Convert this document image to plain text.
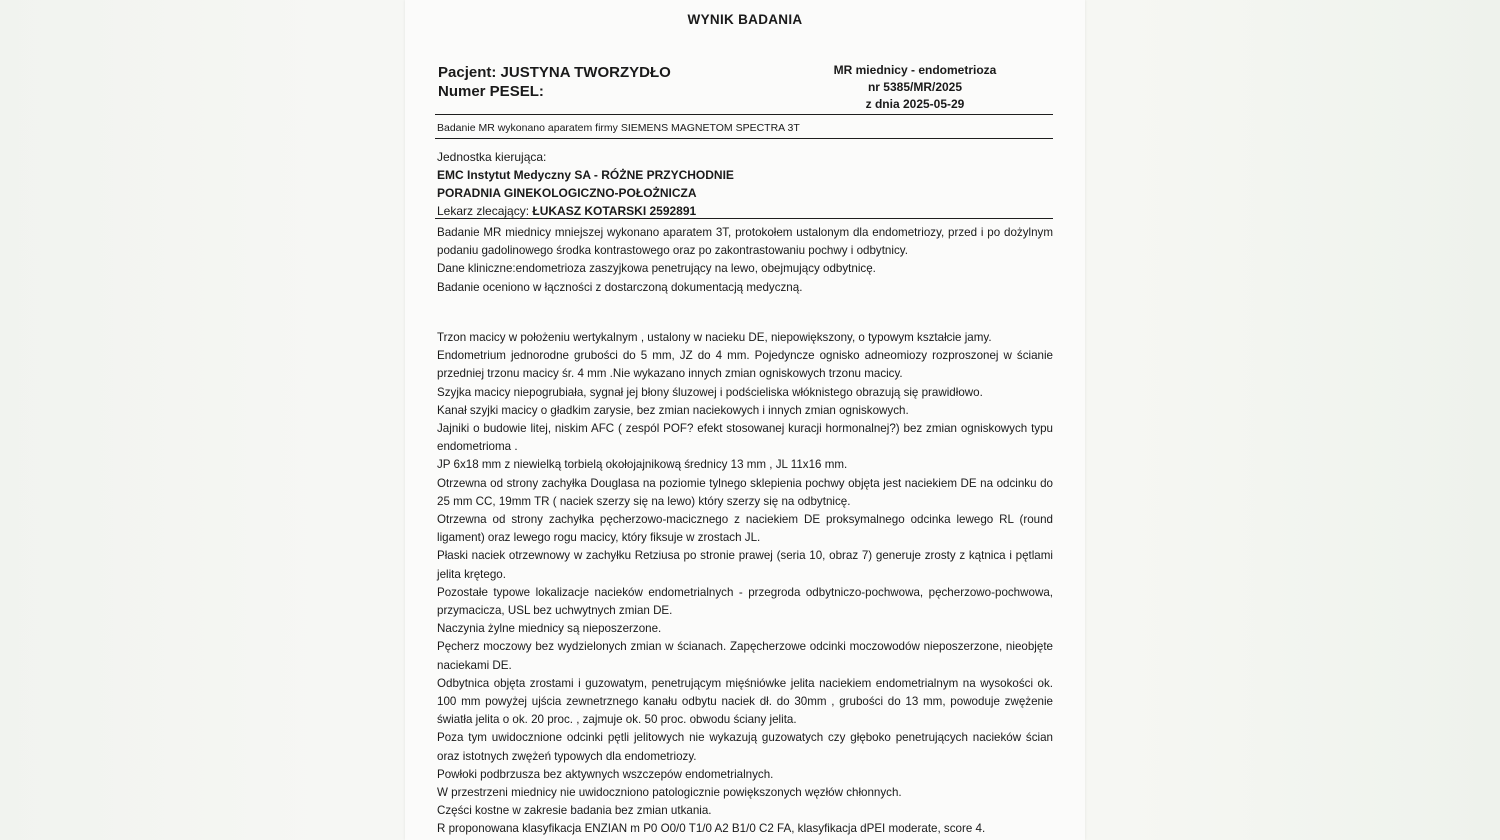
WYNIK BADANIA
Pacjent: JUSTYNA TWORZYDŁO
Numer PESEL:
MR miednicy - endometrioza
nr 5385/MR/2025
z dnia 2025-05-29
Badanie MR wykonano aparatem firmy SIEMENS MAGNETOM SPECTRA 3T
Jednostka kierująca:
EMC Instytut Medyczny SA - RÓŻNE PRZYCHODNIE
PORADNIA GINEKOLOGICZNO-POŁOŻNICZA
Lekarz zlecający: ŁUKASZ KOTARSKI 2592891

Badanie MR miednicy mniejszej wykonano aparatem 3T, protokołem ustalonym dla endometriozy, przed i po dożylnym podaniu gadolinowego środka kontrastowego oraz po zakontrastowaniu pochwy i odbytnicy.

Dane kliniczne:endometrioza zaszyjkowa penetrujący na lewo, obejmujący odbytnicę.

Badanie oceniono w łączności z dostarczoną dokumentacją medyczną.

Trzon macicy w położeniu wertykalnym , ustalony w nacieku DE, niepowiększony, o typowym kształcie jamy.

Endometrium jednorodne grubości do 5 mm, JZ do 4 mm. Pojedyncze ognisko adneomiozy rozproszonej w ścianie przedniej trzonu macicy śr. 4 mm .Nie wykazano innych zmian ogniskowych trzonu macicy.

Szyjka macicy niepogrubiała, sygnał jej błony śluzowej i podścieliska włóknistego obrazują się prawidłowo.

Kanał szyjki macicy o gładkim zarysie, bez zmian naciekowych i innych zmian ogniskowych.

Jajniki o budowie litej, niskim AFC ( zespól POF? efekt stosowanej kuracji hormonalnej?) bez zmian ogniskowych typu endometrioma .

JP 6x18 mm z niewielką torbielą okołojajnikową średnicy 13 mm , JL 11x16 mm.

Otrzewna od strony zachyłka Douglasa na poziomie tylnego sklepienia pochwy objęta jest naciekiem DE na odcinku do 25 mm CC, 19mm TR ( naciek szerzy się na lewo) który szerzy się na odbytnicę.

Otrzewna od strony zachyłka pęcherzowo-macicznego z naciekiem DE proksymalnego odcinka lewego RL (round ligament) oraz lewego rogu macicy, który fiksuje w zrostach JL.

Płaski naciek otrzewnowy w zachyłku Retziusa po stronie prawej (seria 10, obraz 7) generuje zrosty z kątnica i pętlami jelita krętego.

Pozostałe typowe lokalizacje nacieków endometrialnych - przegroda odbytniczo-pochwowa, pęcherzowo-pochwowa, przymacicza, USL bez uchwytnych zmian DE.

Naczynia żylne miednicy są nieposzerzone.

Pęcherz moczowy bez wydzielonych zmian w ścianach. Zapęcherzowe odcinki moczowodów nieposzerzone, nieobjęte naciekami DE.

Odbytnica objęta zrostami i guzowatym, penetrującym mięśniówke jelita naciekiem endometrialnym na wysokości ok. 100 mm powyżej ujścia zewnetrznego kanału odbytu naciek dł. do 30mm , grubości do 13 mm, powoduje zwężenie światła jelita o ok. 20 proc. , zajmuje ok. 50 proc. obwodu ściany jelita.

Poza tym uwidocznione odcinki pętli jelitowych nie wykazują guzowatych czy głęboko penetrujących nacieków ścian oraz istotnych zwężeń typowych dla endometriozy.

Powłoki podbrzusza bez aktywnych wszczepów endometrialnych.

W przestrzeni miednicy nie uwidoczniono patologicznie powiększonych węzłów chłonnych.

Części kostne w zakresie badania bez zmian utkania.

R proponowana klasyfikacja ENZIAN m P0 O0/0 T1/0 A2 B1/0 C2 FA, klasyfikacja dPEI moderate, score 4.
